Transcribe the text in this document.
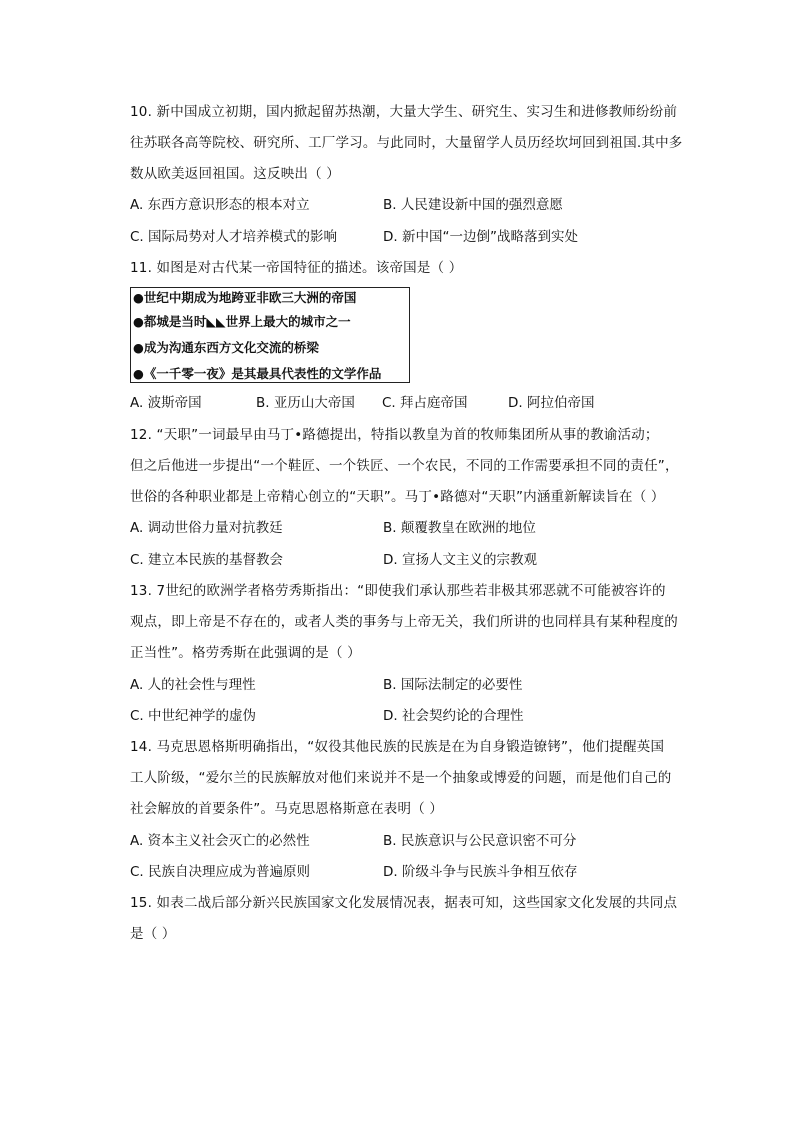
10. 新中国成立初期，国内掀起留苏热潮，大量大学生、研究生、实习生和进修教师纷纷前
往苏联各高等院校、研究所、工厂学习。与此同时，大量留学人员历经坎坷回到祖国.其中多
数从欧美返回祖国。这反映出（ ）
A. 东西方意识形态的根本对立	B. 人民建设新中国的强烈意愿
C. 国际局势对人才培养模式的影响	D. 新中国“一边倒”战略落到实处
11. 如图是对古代某一帝国特征的描述。该帝国是（ ）
●世纪中期成为地跨亚非欧三大洲的帝国
●都城是当时◣◣世界上最大的城市之一
●成为沟通东西方文化交流的桥梁
●《一千零一夜》是其最具代表性的文学作品
A. 波斯帝国	B. 亚历山大帝国 C. 拜占庭帝国	D. 阿拉伯帝国
12. “天职”一词最早由马丁•路德提出，特指以教皇为首的牧师集团所从事的教谕活动；
但之后他进一步提出“一个鞋匠、一个铁匠、一个农民，不同的工作需要承担不同的责任”，
世俗的各种职业都是上帝精心创立的“天职”。马丁•路德对“天职”内涵重新解读旨在（ ）
A. 调动世俗力量对抗教廷	B. 颠覆教皇在欧洲的地位
C. 建立本民族的基督教会	D. 宣扬人文主义的宗教观
13. 7世纪的欧洲学者格劳秀斯指出：“即使我们承认那些若非极其邪恶就不可能被容许的
观点，即上帝是不存在的，或者人类的事务与上帝无关，我们所讲的也同样具有某种程度的
正当性”。格劳秀斯在此强调的是（ ）
A. 人的社会性与理性	B. 国际法制定的必要性
C. 中世纪神学的虚伪	D. 社会契约论的合理性
14. 马克思恩格斯明确指出，“奴役其他民族的民族是在为自身锻造镣铐”，他们提醒英国
工人阶级，“爱尔兰的民族解放对他们来说并不是一个抽象或博爱的问题，而是他们自己的
社会解放的首要条件”。马克思恩格斯意在表明（ ）
A. 资本主义社会灭亡的必然性	B. 民族意识与公民意识密不可分
C. 民族自决理应成为普遍原则	D. 阶级斗争与民族斗争相互依存
15. 如表二战后部分新兴民族国家文化发展情况表，据表可知，这些国家文化发展的共同点
是（ ）
